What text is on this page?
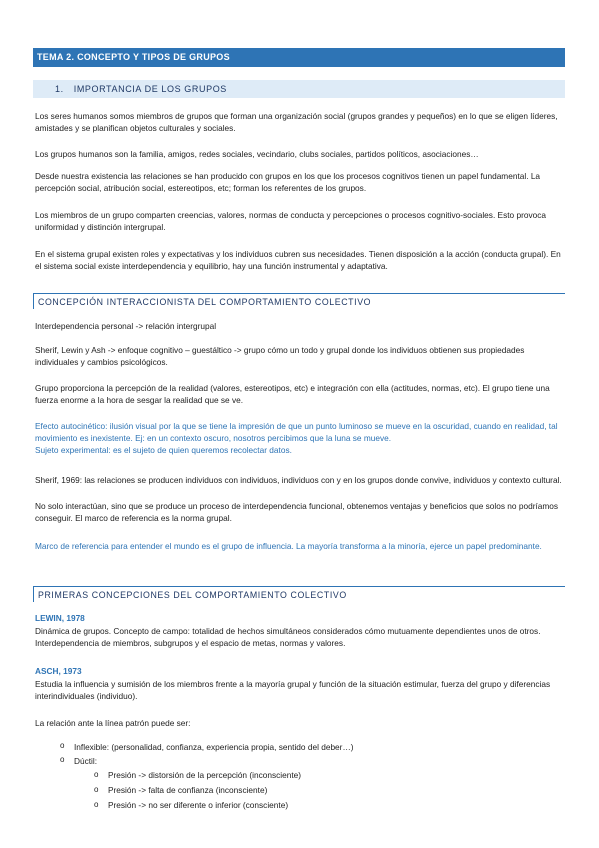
TEMA 2. CONCEPTO Y TIPOS DE GRUPOS
1. IMPORTANCIA DE LOS GRUPOS

Los seres humanos somos miembros de grupos que forman una organización social (grupos grandes y pequeños) en lo que se eligen líderes, amistades y se planifican objetos culturales y sociales.

Los grupos humanos son la familia, amigos, redes sociales, vecindario, clubs sociales, partidos políticos, asociaciones…

Desde nuestra existencia las relaciones se han producido con grupos en los que los procesos cognitivos tienen un papel fundamental. La percepción social, atribución social, estereotipos, etc; forman los referentes de los grupos.

Los miembros de un grupo comparten creencias, valores, normas de conducta y percepciones o procesos cognitivo-sociales. Esto provoca uniformidad y distinción intergrupal.

En el sistema grupal existen roles y expectativas y los individuos cubren sus necesidades. Tienen disposición a la acción (conducta grupal). En el sistema social existe interdependencia y equilibrio, hay una función instrumental y adaptativa.

CONCEPCIÓN INTERACCIONISTA DEL COMPORTAMIENTO COLECTIVO

Interdependencia personal -> relación intergrupal

Sherif, Lewin y Ash -> enfoque cognitivo – guestáltico -> grupo cómo un todo y grupal donde los individuos obtienen sus propiedades individuales y cambios psicológicos.

Grupo proporciona la percepción de la realidad (valores, estereotipos, etc) e integración con ella (actitudes, normas, etc). El grupo tiene una fuerza enorme a la hora de sesgar la realidad que se ve.

Efecto autocinético: ilusión visual por la que se tiene la impresión de que un punto luminoso se mueve en la oscuridad, cuando en realidad, tal movimiento es inexistente. Ej: en un contexto oscuro, nosotros percibimos que la luna se mueve.

Sujeto experimental: es el sujeto de quien queremos recolectar datos.

Sherif, 1969: las relaciones se producen individuos con individuos, individuos con y en los grupos donde convive, individuos y contexto cultural.

No solo interactúan, sino que se produce un proceso de interdependencia funcional, obtenemos ventajas y beneficios que solos no podríamos conseguir. El marco de referencia es la norma grupal.

Marco de referencia para entender el mundo es el grupo de influencia. La mayoría transforma a la minoría, ejerce un papel predominante.

PRIMERAS CONCEPCIONES DEL COMPORTAMIENTO COLECTIVO

LEWIN, 1978

Dinámica de grupos. Concepto de campo: totalidad de hechos simultáneos considerados cómo mutuamente dependientes unos de otros. Interdependencia de miembros, subgrupos y el espacio de metas, normas y valores.

ASCH, 1973

Estudia la influencia y sumisión de los miembros frente a la mayoría grupal y función de la situación estimular, fuerza del grupo y diferencias interindividuales (individuo).

La relación ante la línea patrón puede ser:

o Inflexible: (personalidad, confianza, experiencia propia, sentido del deber…)
o Dúctil:
o Presión -> distorsión de la percepción (inconsciente)
o Presión -> falta de confianza (inconsciente)
o Presión -> no ser diferente o inferior (consciente)
